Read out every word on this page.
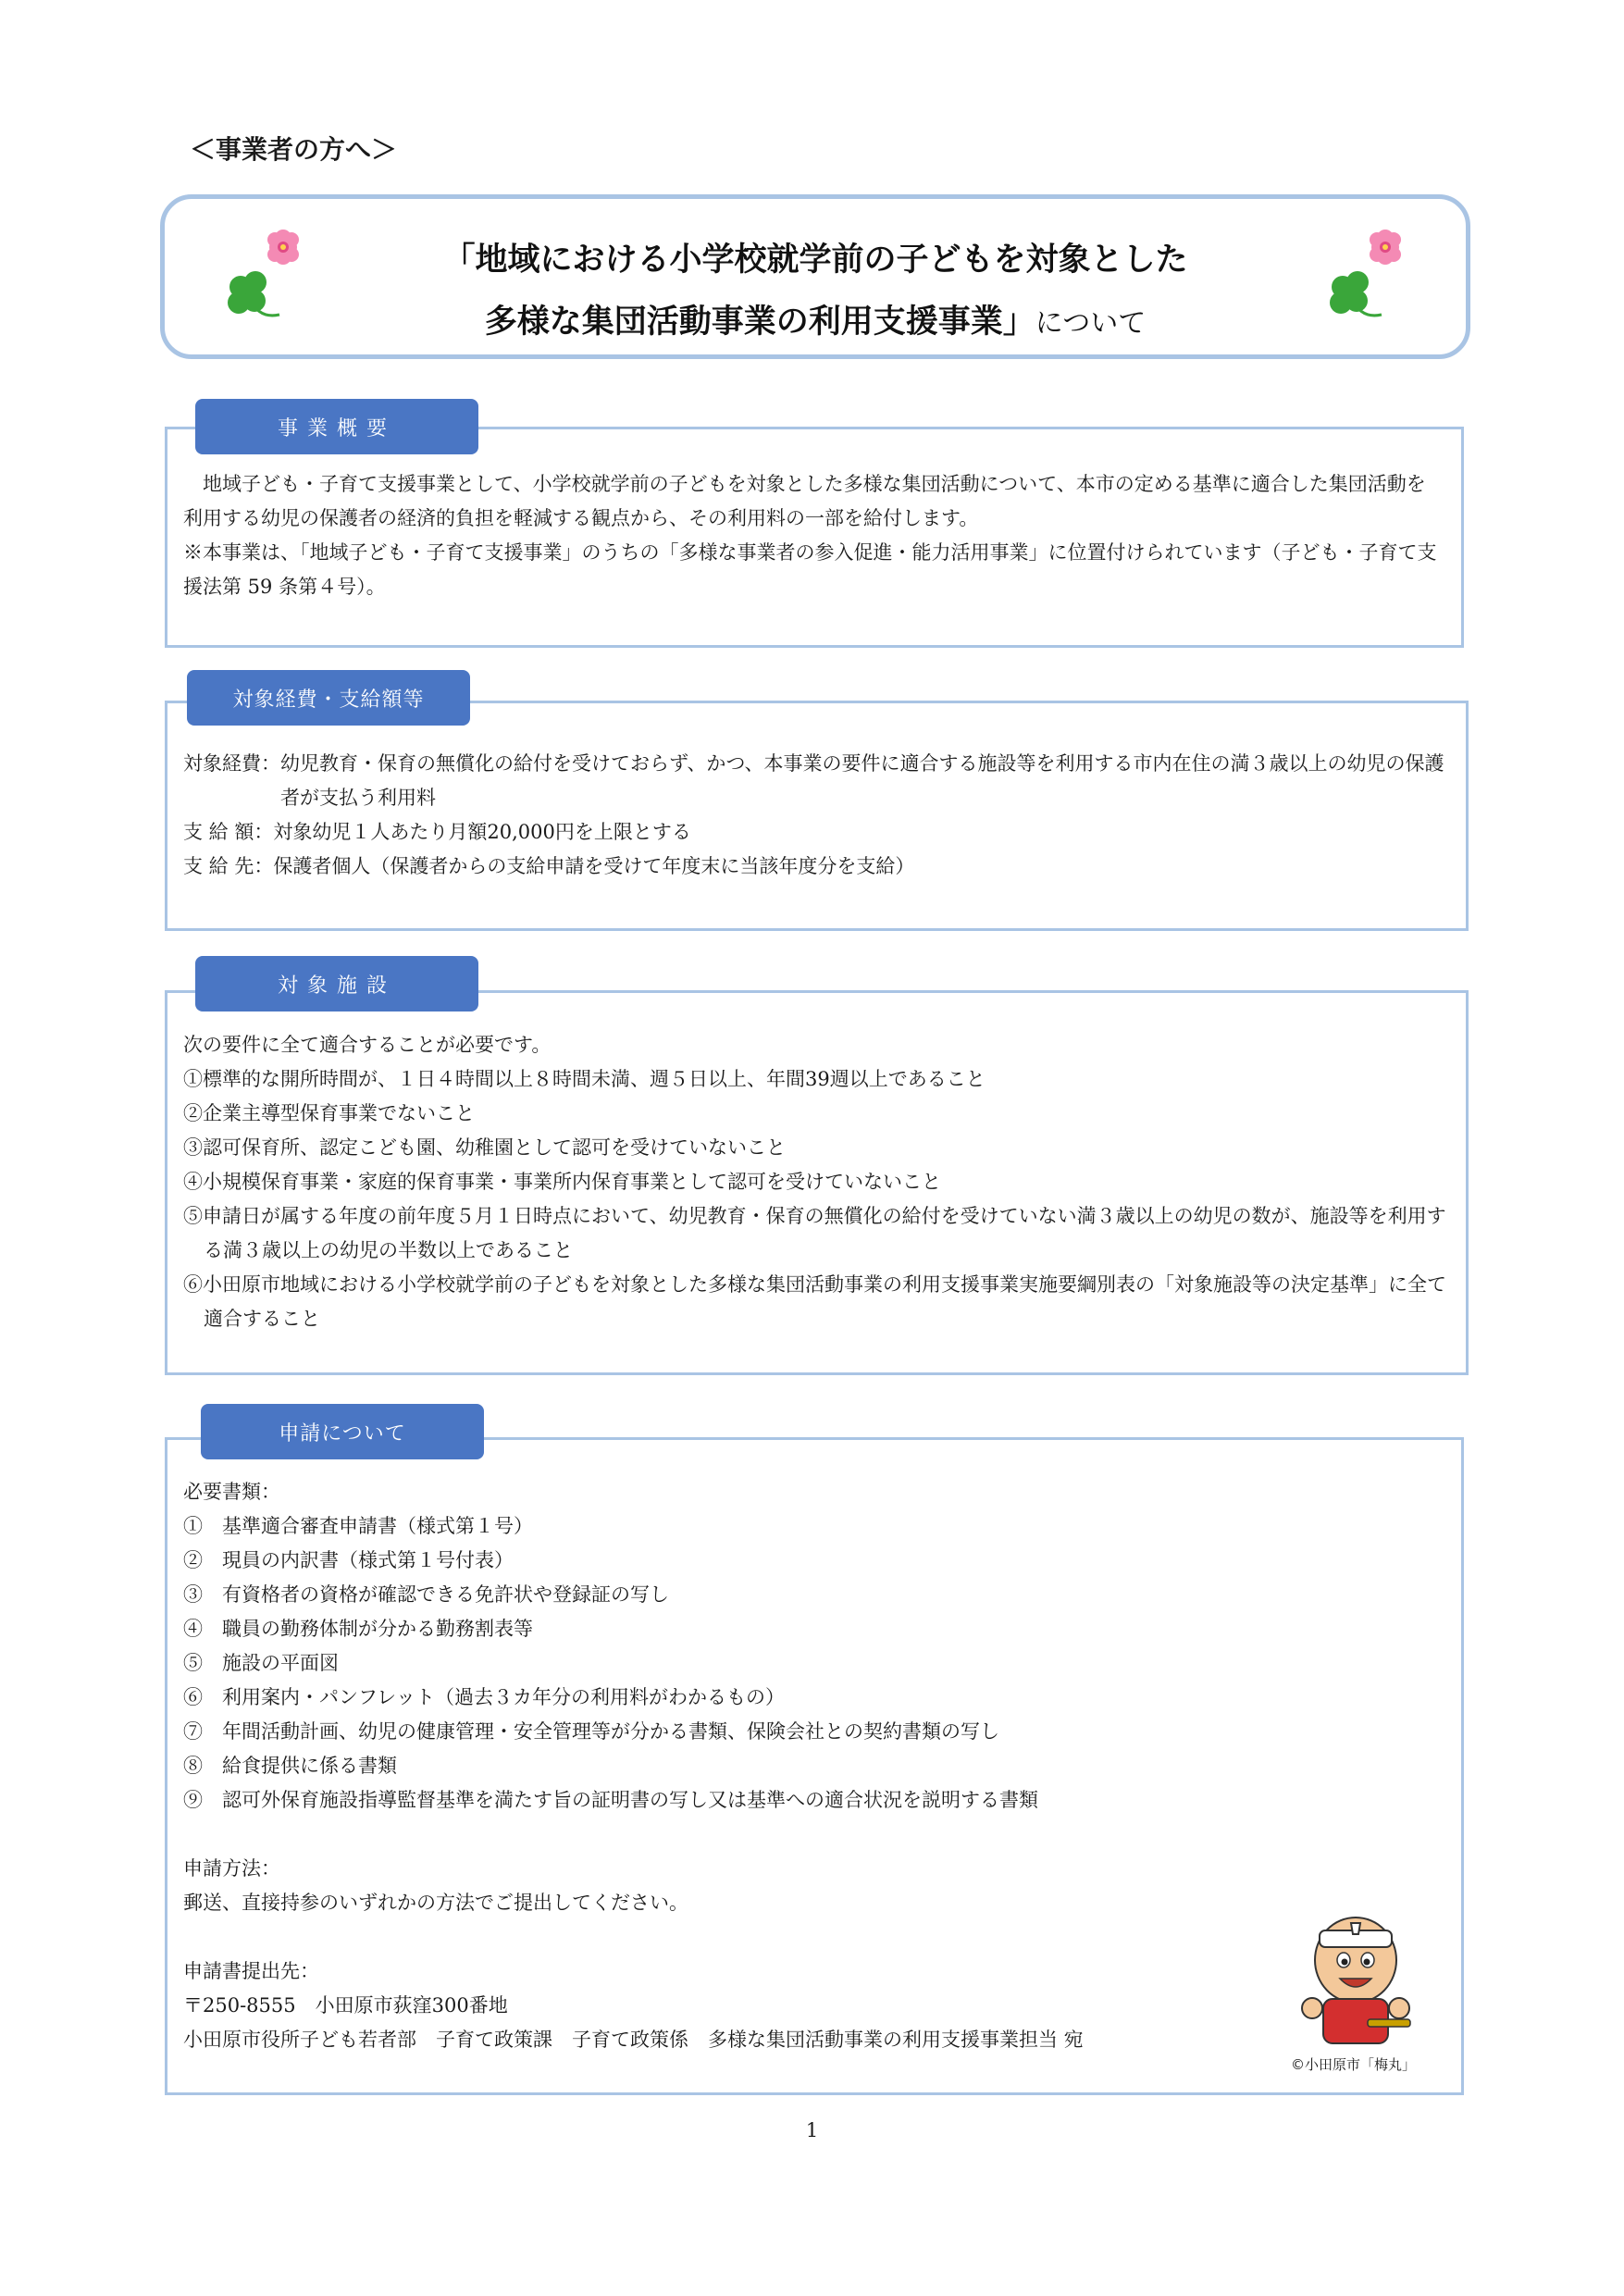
＜事業者の方へ＞
「地域における小学校就学前の子どもを対象とした
多様な集団活動事業の利用支援事業」について
事業概要
　地域子ども・子育て支援事業として、小学校就学前の子どもを対象とした多様な集団活動について、本市の定める基準に適合した集団活動を利用する幼児の保護者の経済的負担を軽減する観点から、その利用料の一部を給付します。
※本事業は、「地域子ども・子育て支援事業」のうちの「多様な事業者の参入促進・能力活用事業」に位置付けられています（子ども・子育て支援法第 59 条第４号）。
対象経費・支給額等
対象経費： 幼児教育・保育の無償化の給付を受けておらず、かつ、本事業の要件に適合する施設等を利用する市内在住の満３歳以上の幼児の保護者が支払う利用料
支 給 額： 対象幼児１人あたり月額20,000円を上限とする
支 給 先： 保護者個人（保護者からの支給申請を受けて年度末に当該年度分を支給）
対象施設
次の要件に全て適合することが必要です。
①標準的な開所時間が、１日４時間以上８時間未満、週５日以上、年間39週以上であること
②企業主導型保育事業でないこと
③認可保育所、認定こども園、幼稚園として認可を受けていないこと
④小規模保育事業・家庭的保育事業・事業所内保育事業として認可を受けていないこと
⑤申請日が属する年度の前年度５月１日時点において、幼児教育・保育の無償化の給付を受けていない満３歳以上の幼児の数が、施設等を利用する満３歳以上の幼児の半数以上であること
⑥小田原市地域における小学校就学前の子どもを対象とした多様な集団活動事業の利用支援事業実施要綱別表の「対象施設等の決定基準」に全て適合すること
申請について
必要書類：
①　基準適合審査申請書（様式第１号）
②　現員の内訳書（様式第１号付表）
③　有資格者の資格が確認できる免許状や登録証の写し
④　職員の勤務体制が分かる勤務割表等
⑤　施設の平面図
⑥　利用案内・パンフレット（過去３カ年分の利用料がわかるもの）
⑦　年間活動計画、幼児の健康管理・安全管理等が分かる書類、保険会社との契約書類の写し
⑧　給食提供に係る書類
⑨　認可外保育施設指導監督基準を満たす旨の証明書の写し又は基準への適合状況を説明する書類
申請方法：
郵送、直接持参のいずれかの方法でご提出してください。
申請書提出先：
〒250-8555　小田原市荻窪300番地
小田原市役所子ども若者部　子育て政策課　子育て政策係　多様な集団活動事業の利用支援事業担当 宛
©小田原市「梅丸」
1
